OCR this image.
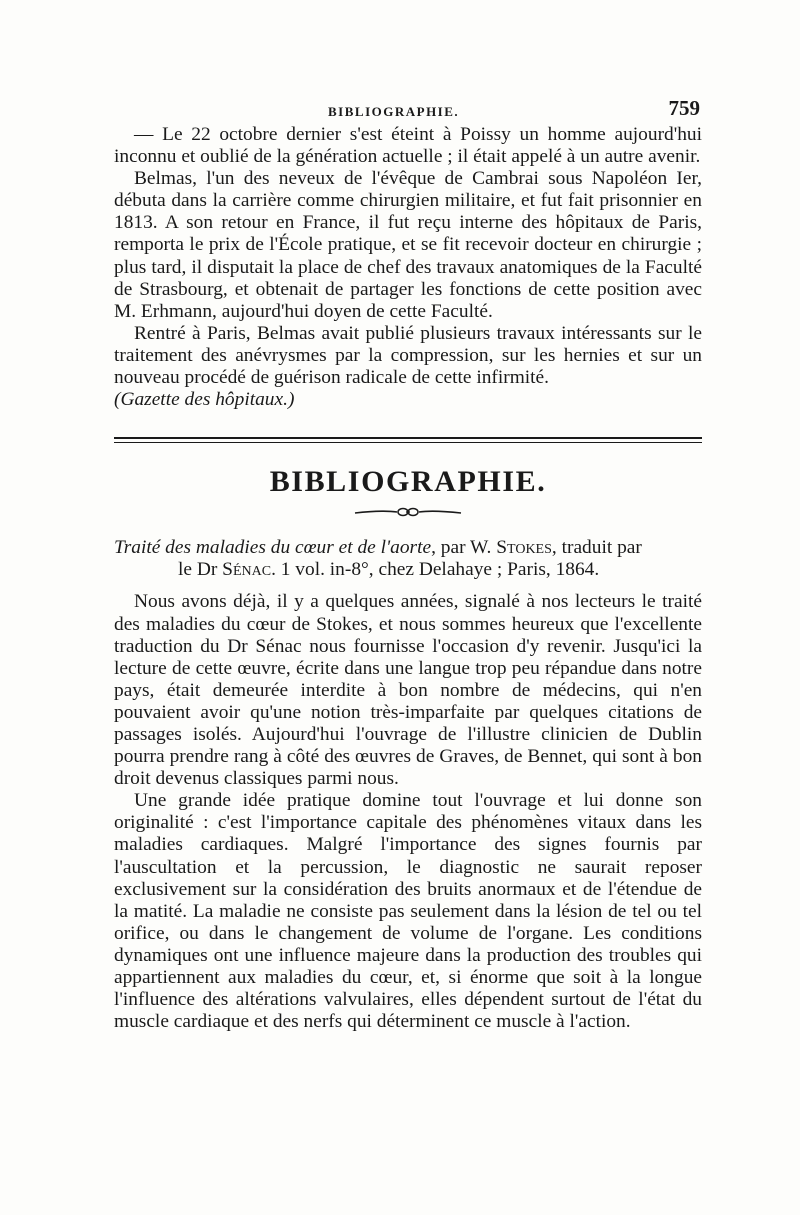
BIBLIOGRAPHIE.	759

— Le 22 octobre dernier s'est éteint à Poissy un homme aujourd'hui inconnu et oublié de la génération actuelle ; il était appelé à un autre avenir.

Belmas, l'un des neveux de l'évêque de Cambrai sous Napoléon Ier, débuta dans la carrière comme chirurgien militaire, et fut fait prisonnier en 1813. A son retour en France, il fut reçu interne des hôpitaux de Paris, remporta le prix de l'École pratique, et se fit recevoir docteur en chirurgie ; plus tard, il disputait la place de chef des travaux anatomiques de la Faculté de Strasbourg, et obtenait de partager les fonctions de cette position avec M. Erhmann, aujourd'hui doyen de cette Faculté.

Rentré à Paris, Belmas avait publié plusieurs travaux intéressants sur le traitement des anévrysmes par la compression, sur les hernies et sur un nouveau procédé de guérison radicale de cette infirmité.

(Gazette des hôpitaux.)

BIBLIOGRAPHIE.
Traité des maladies du cœur et de l'aorte, par W. Stokes, traduit par
le Dr Sénac. 1 vol. in-8°, chez Delahaye ; Paris, 1864.

Nous avons déjà, il y a quelques années, signalé à nos lecteurs le traité des maladies du cœur de Stokes, et nous sommes heureux que l'excellente traduction du Dr Sénac nous fournisse l'occasion d'y revenir. Jusqu'ici la lecture de cette œuvre, écrite dans une langue trop peu répandue dans notre pays, était demeurée interdite à bon nombre de médecins, qui n'en pouvaient avoir qu'une notion très-imparfaite par quelques citations de passages isolés. Aujourd'hui l'ouvrage de l'illustre clinicien de Dublin pourra prendre rang à côté des œuvres de Graves, de Bennet, qui sont à bon droit devenus classiques parmi nous.

Une grande idée pratique domine tout l'ouvrage et lui donne son originalité : c'est l'importance capitale des phénomènes vitaux dans les maladies cardiaques. Malgré l'importance des signes fournis par l'auscultation et la percussion, le diagnostic ne saurait reposer exclusivement sur la considération des bruits anormaux et de l'étendue de la matité. La maladie ne consiste pas seulement dans la lésion de tel ou tel orifice, ou dans le changement de volume de l'organe. Les conditions dynamiques ont une influence majeure dans la production des troubles qui appartiennent aux maladies du cœur, et, si énorme que soit à la longue l'influence des altérations valvulaires, elles dépendent surtout de l'état du muscle cardiaque et des nerfs qui déterminent ce muscle à l'action.
